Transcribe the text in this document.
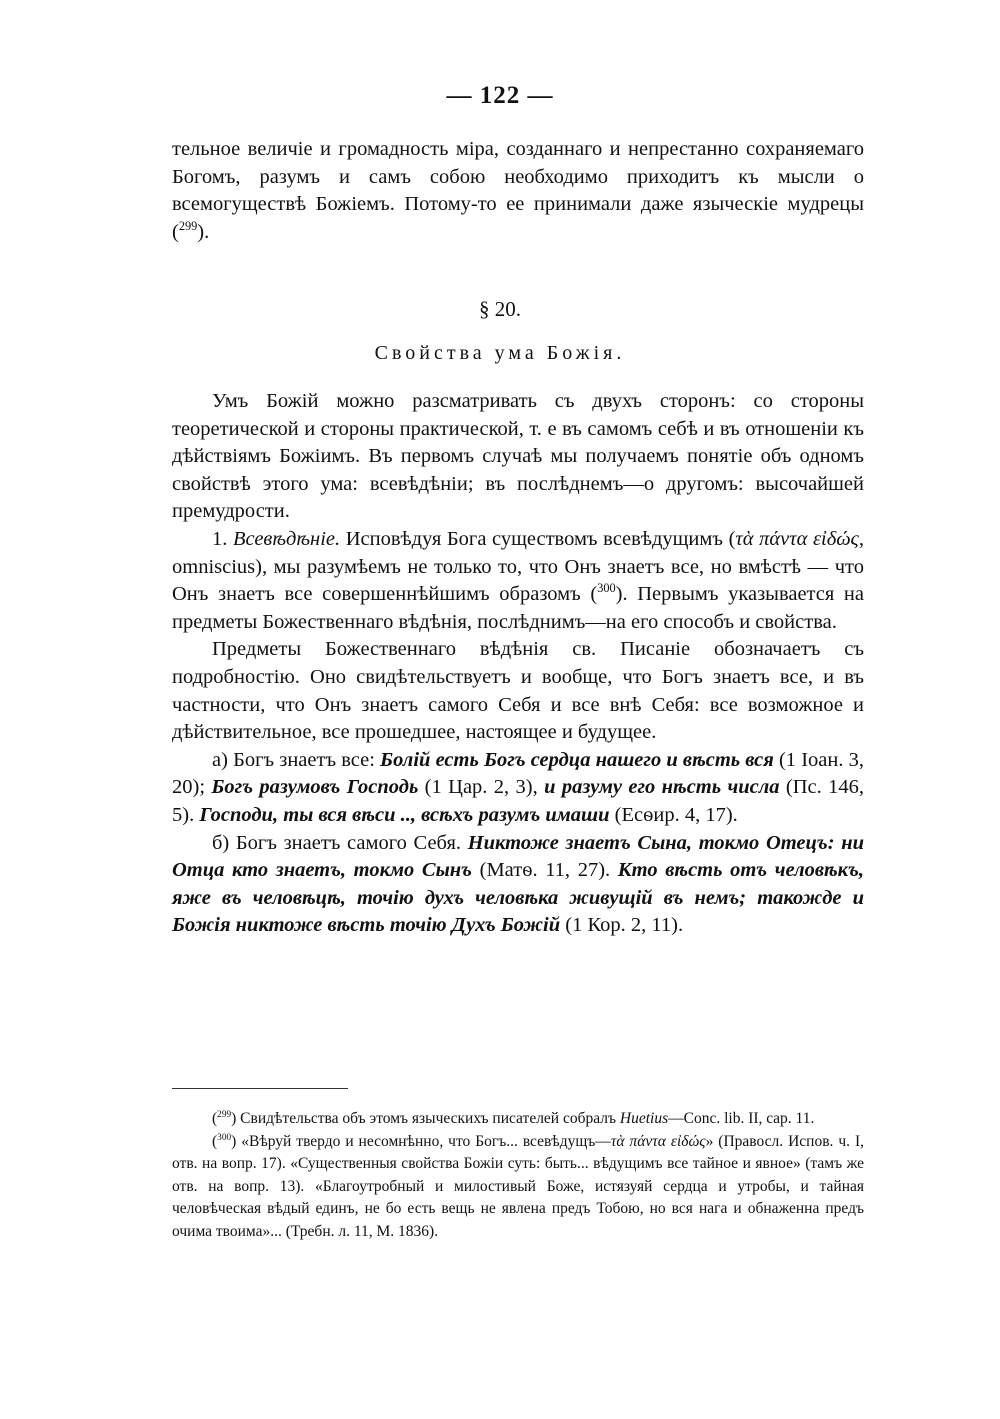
— 122 —

тельное величіе и громадность міра, созданнаго и непрестанно сохраняемаго Богомъ, разумъ и самъ собою необходимо приходитъ къ мысли о всемогуществѣ Божіемъ. Потому-то ее принимали даже языческіе мудрецы ($^{299}$).

§ 20.
Свойства ума Божія.

Умъ Божій можно разсматривать съ двухъ сторонъ: со стороны теоретической и стороны практической, т. е въ самомъ себѣ и въ отношеніи къ дѣйствіямъ Божіимъ. Въ первомъ случаѣ мы получаемъ понятіе объ одномъ свойствѣ этого ума: всевѣдѣніи; въ послѣднемъ—о другомъ: высочайшей премудрости.

1. Всевѣдѣніе. Исповѣдуя Бога существомъ всевѣдущимъ (τὰ πάντα εἰδώς, omniscius), мы разумѣемъ не только то, что Онъ знаетъ все, но вмѣстѣ — что Онъ знаетъ все совершеннѣйшимъ образомъ ($^{300}$). Первымъ указывается на предметы Божественнаго вѣдѣнія, послѣднимъ—на его способъ и свойства.

Предметы Божественнаго вѣдѣнія св. Писаніе обозначаетъ съ подробностію. Оно свидѣтельствуетъ и вообще, что Богъ знаетъ все, и въ частности, что Онъ знаетъ самого Себя и все внѣ Себя: все возможное и дѣйствительное, все прошедшее, настоящее и будущее.

а) Богъ знаетъ все: Болій есть Богъ сердца нашего и вѣсть вся (1 Іоан. 3, 20); Богъ разумовъ Господь (1 Цар. 2, 3), и разуму его нѣсть числа (Пс. 146, 5). Господи, ты вся вѣси .., всѣхъ разумъ имаши (Есѳир. 4, 17).

б) Богъ знаетъ самого Себя. Никтоже знаетъ Сына, токмо Отецъ: ни Отца кто знаетъ, токмо Сынъ (Матѳ. 11, 27). Кто вѣсть отъ человѣкъ, яже въ человѣцѣ, точію духъ человѣка живущій въ немъ; такожде и Божія никтоже вѣсть точію Духъ Божій (1 Кор. 2, 11).

($^{299}$) Свидѣтельства объ этомъ языческихъ писателей собралъ Huetius—Conc. lib. II, cap. 11.

($^{300}$) «Вѣруй твердо и несомнѣнно, что Богъ... всевѣдущъ—τὰ πάντα εἰδώς» (Правосл. Испов. ч. I, отв. на вопр. 17). «Существенныя свойства Божіи суть: быть... вѣдущимъ все тайное и явное» (тамъ же отв. на вопр. 13). «Благоутробный и милостивый Боже, истязуяй сердца и утробы, и тайная человѣческая вѣдый единъ, не бо есть вещь не явлена предъ Тобою, но вся нага и обнаженна предъ очима твоима»... (Требн. л. 11, М. 1836).
